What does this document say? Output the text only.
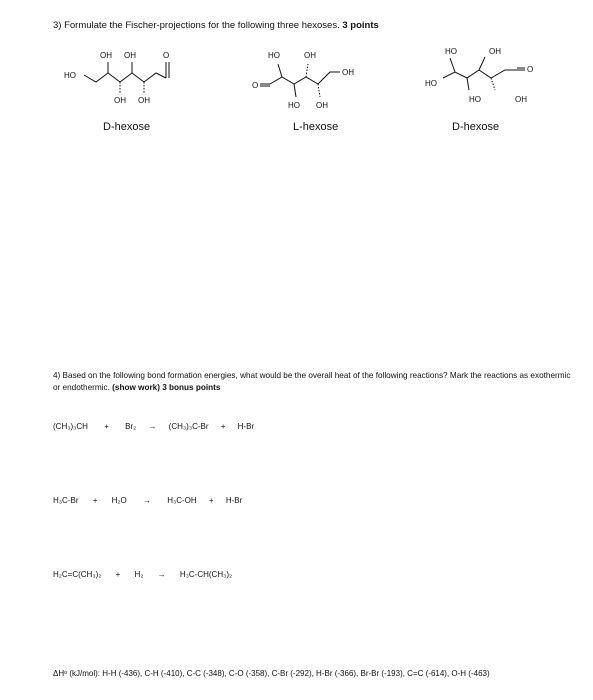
3) Formulate the Fischer-projections for the following three hexoses. 3 points
HO
OH OH	O
OH OH
D-hexose
O
HO	OH
OH
HO OH
L-hexose
HO	OH
O
HO
HO	OH
D-hexose
4) Based on the following bond formation energies, what would be the overall heat of the following reactions? Mark the reactions as exothermic or endothermic. (show work) 3 bonus points
(CH₃)₃CH + Br₂ → (CH₃)₃C-Br + H-Br
H₃C-Br + H₂O → H₃C-OH + H-Br
H₂C=C(CH₃)₂ + H₂ → H₃C-CH(CH₃)₂
ΔHᵒ (kJ/mol): H-H (-436), C-H (-410), C-C (-348), C-O (-358), C-Br (-292), H-Br (-366), Br-Br (-193), C=C (-614), O-H (-463)
